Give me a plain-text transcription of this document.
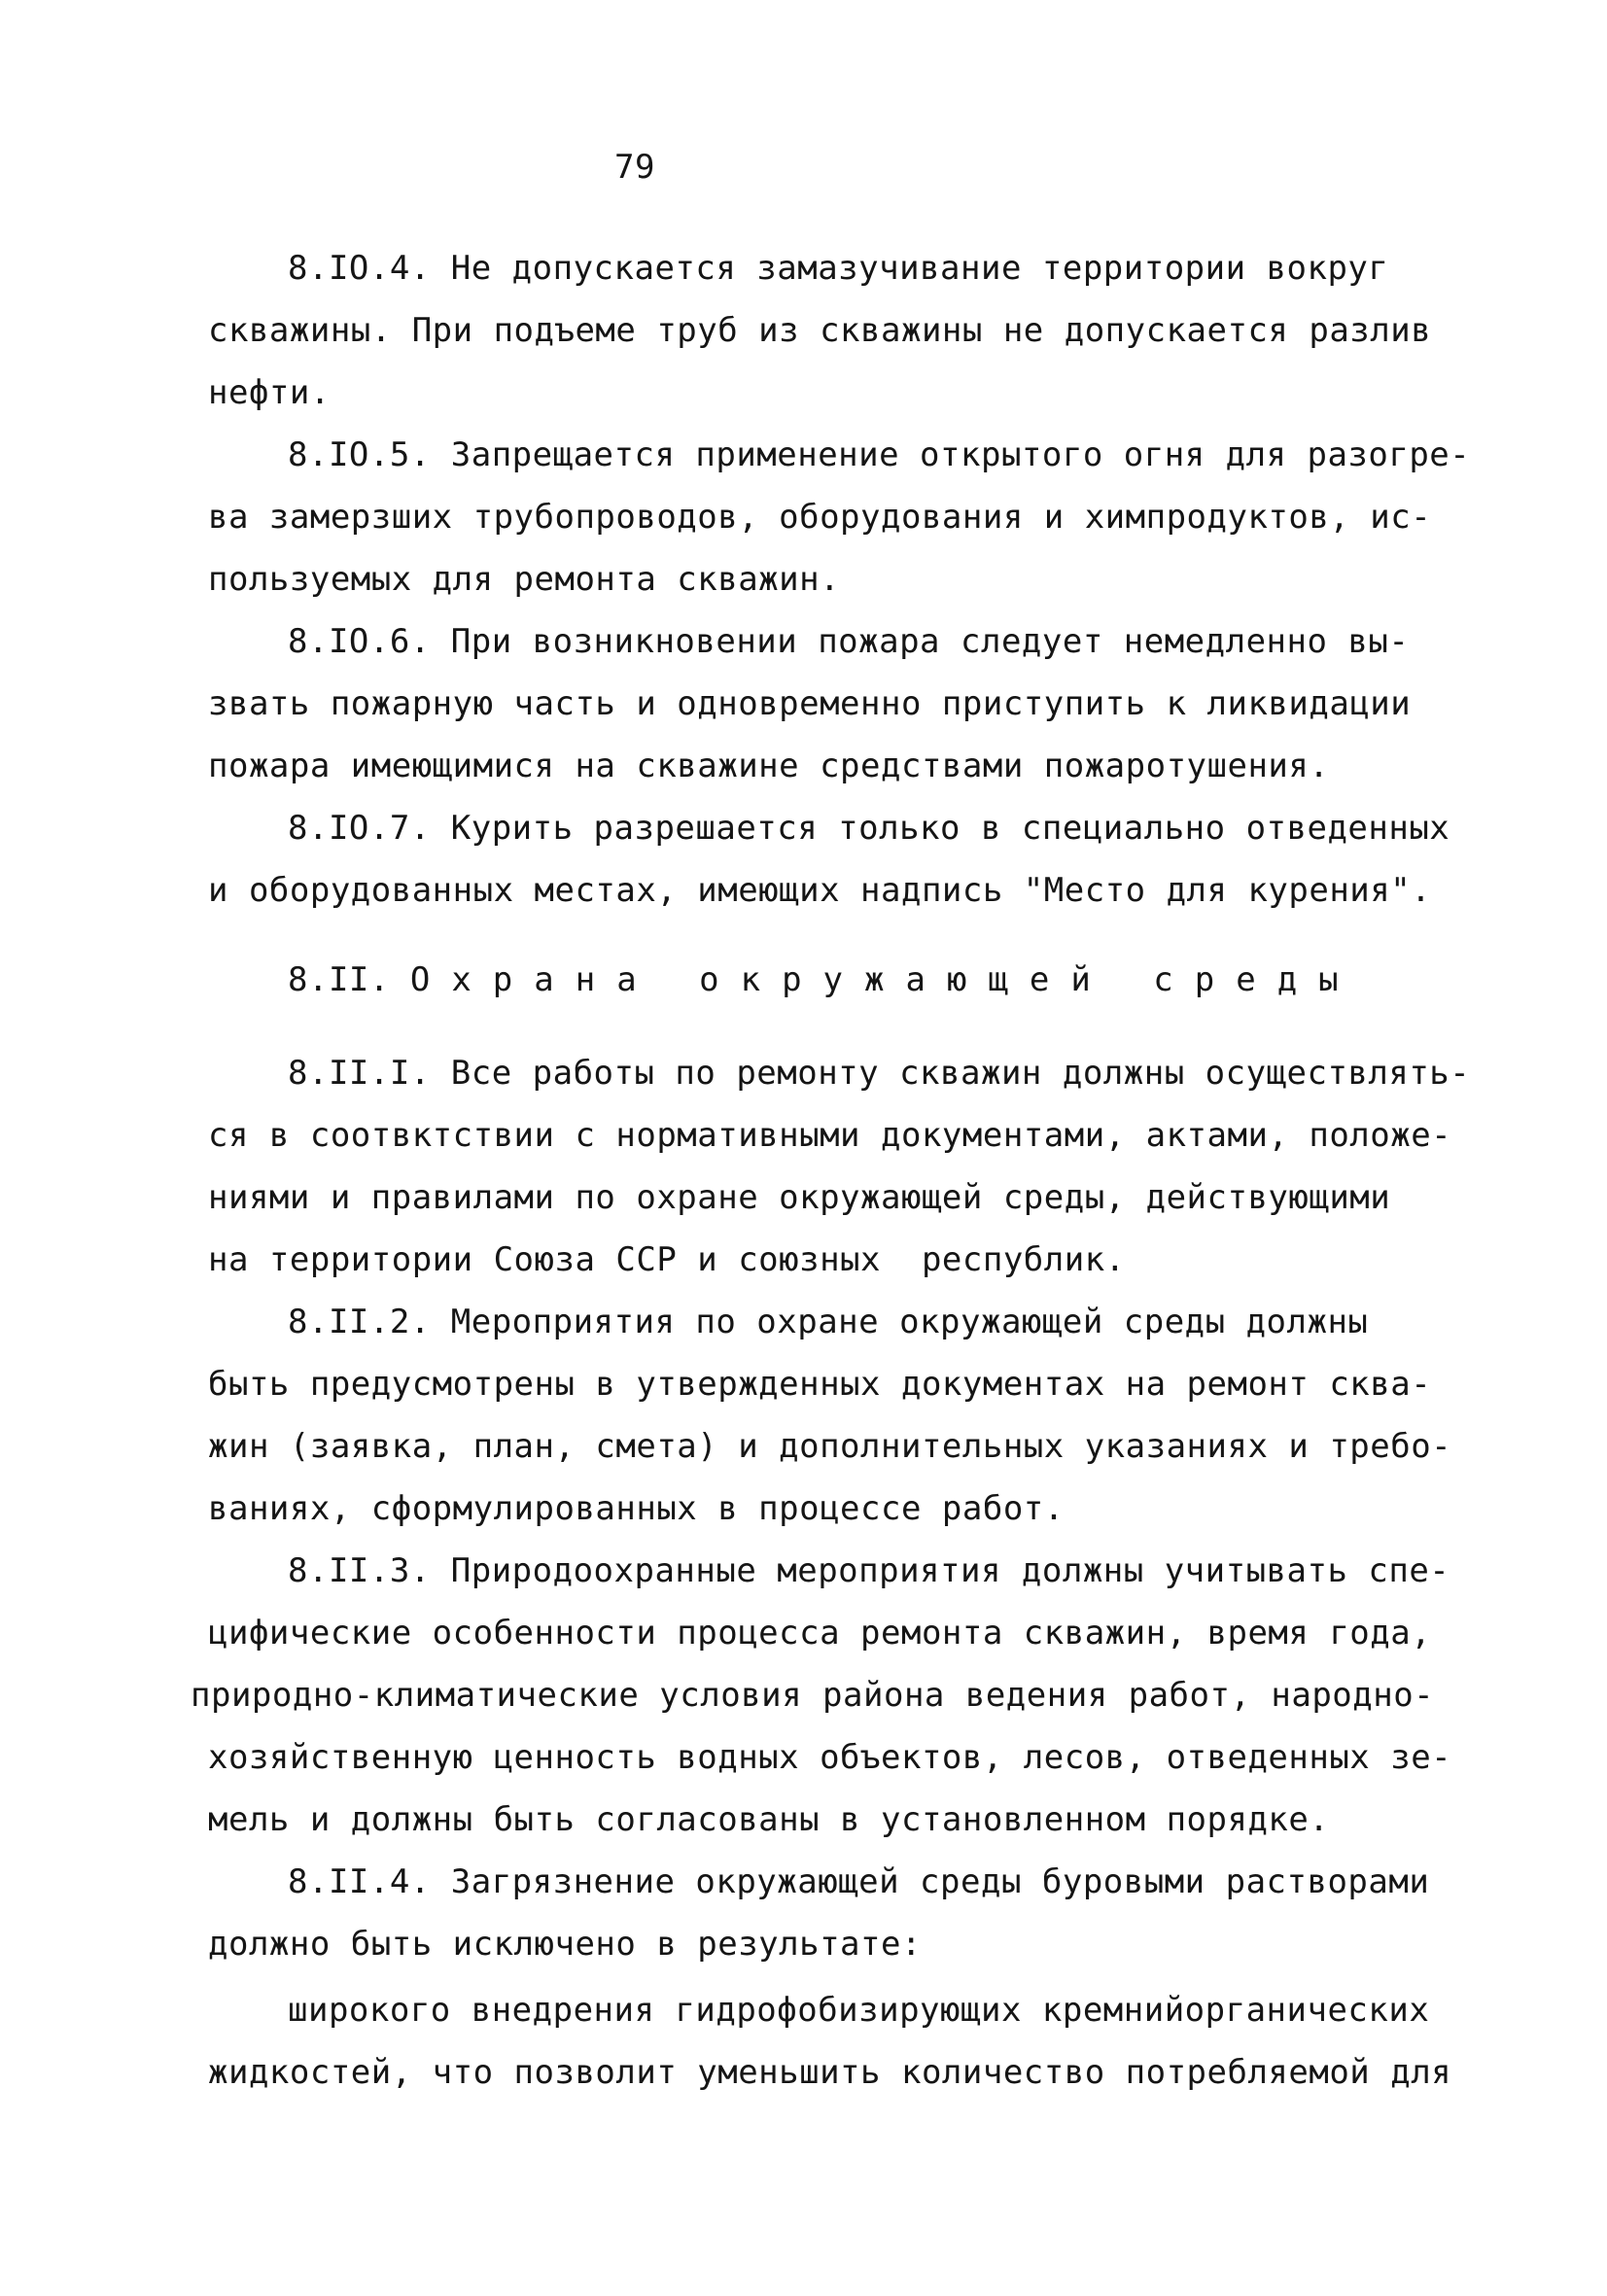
79
8.IO.4. Не допускается замазучивание территории вокруг
скважины. При подъеме труб из скважины не допускается разлив
нефти.
8.IO.5. Запрещается применение открытого огня для разогре-
ва замерзших трубопроводов, оборудования и химпродуктов, ис-
пользуемых для ремонта скважин.
8.IO.6. При возникновении пожара следует немедленно вы-
звать пожарную часть и одновременно приступить к ликвидации
пожара имеющимися на скважине средствами пожаротушения.
8.IO.7. Курить разрешается только в специально отведенных
и оборудованных местах, имеющих надпись "Место для курения".
8.II. Охрана окружающей среды
8.II.I. Все работы по ремонту скважин должны осуществлять-
ся в соотвктствии с нормативными документами, актами, положе-
ниями и правилами по охране окружающей среды, действующими
на территории Союза ССР и союзных  республик.
8.II.2. Мероприятия по охране окружающей среды должны
быть предусмотрены в утвержденных документах на ремонт сква-
жин (заявка, план, смета) и дополнительных указаниях и требо-
ваниях, сформулированных в процессе работ.
8.II.3. Природоохранные мероприятия должны учитывать спе-
цифические особенности процесса ремонта скважин, время года,
природно-климатические условия района ведения работ, народно-
хозяйственную ценность водных объектов, лесов, отведенных зе-
мель и должны быть согласованы в установленном порядке.
8.II.4. Загрязнение окружающей среды буровыми растворами
должно быть исключено в результате:
широкого внедрения гидрофобизирующих кремнийорганических
жидкостей, что позволит уменьшить количество потребляемой для
